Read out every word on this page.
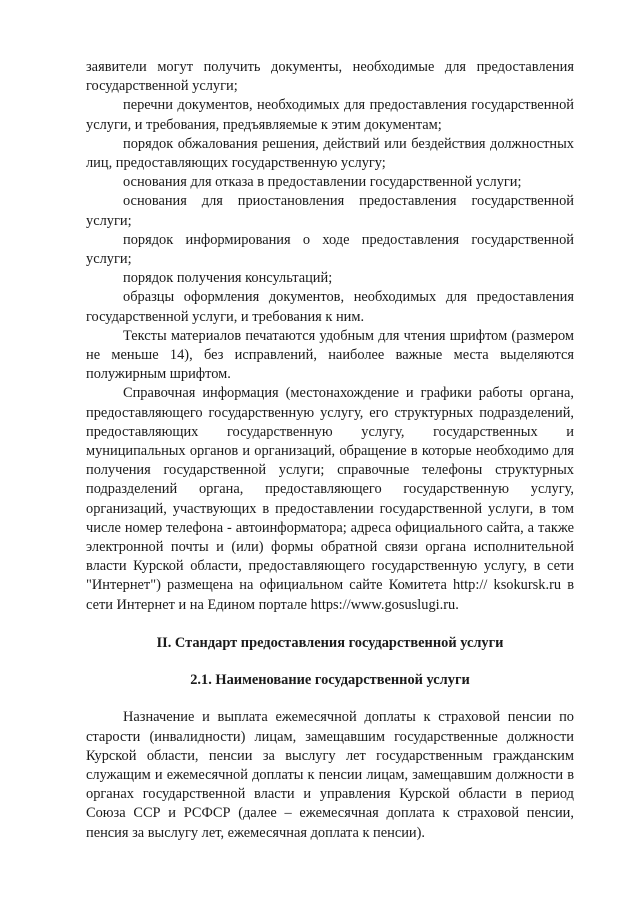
заявители могут получить документы, необходимые для предоставления государственной услуги;

перечни документов, необходимых для предоставления государственной услуги, и требования, предъявляемые к этим документам;

порядок обжалования решения, действий или бездействия должностных лиц, предоставляющих государственную услугу;

основания для отказа в предоставлении государственной услуги;

основания для приостановления предоставления государственной услуги;

порядок информирования о ходе предоставления государственной услуги;

порядок получения консультаций;

образцы оформления документов, необходимых для предоставления государственной услуги, и требования к ним.

Тексты материалов печатаются удобным для чтения шрифтом (размером не меньше 14), без исправлений, наиболее важные места выделяются полужирным шрифтом.

Справочная информация (местонахождение и графики работы органа, предоставляющего государственную услугу, его структурных подразделений, предоставляющих государственную услугу, государственных и муниципальных органов и организаций, обращение в которые необходимо для получения государственной услуги; справочные телефоны структурных подразделений органа, предоставляющего государственную услугу, организаций, участвующих в предоставлении государственной услуги, в том числе номер телефона - автоинформатора; адреса официального сайта, а также электронной почты и (или) формы обратной связи органа исполнительной власти Курской области, предоставляющего государственную услугу, в сети "Интернет") размещена на официальном сайте Комитета http:// ksokursk.ru в сети Интернет и на Едином портале https://www.gosuslugi.ru.

II. Стандарт предоставления государственной услуги
2.1. Наименование государственной услуги

Назначение и выплата ежемесячной доплаты к страховой пенсии по старости (инвалидности) лицам, замещавшим государственные должности Курской области, пенсии за выслугу лет государственным гражданским служащим и ежемесячной доплаты к пенсии лицам, замещавшим должности в органах государственной власти и управления Курской области в период Союза ССР и РСФСР (далее – ежемесячная доплата к страховой пенсии, пенсия за выслугу лет, ежемесячная доплата к пенсии).
